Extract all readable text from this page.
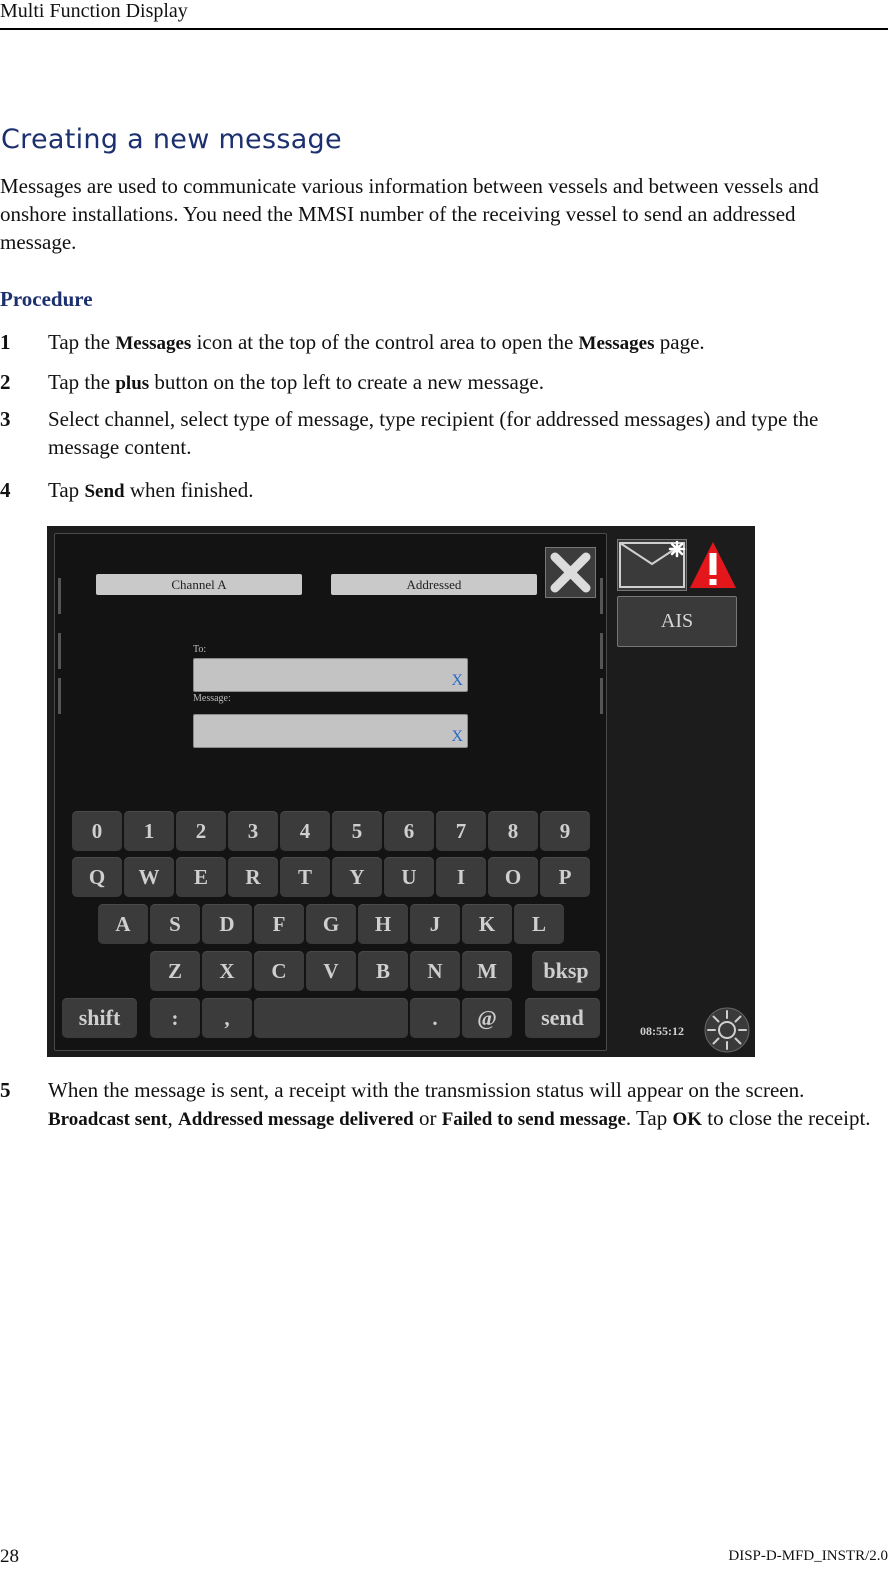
Multi Function Display
Creating a new message

Messages are used to communicate various information between vessels and between vessels and onshore installations. You need the MMSI number of the receiving vessel to send an addressed message.

Procedure
1 Tap the Messages icon at the top of the control area to open the Messages page.
2 Tap the plus button on the top left to create a new message.
3 Select channel, select type of message, type recipient (for addressed messages) and type the message content.
4 Tap Send when finished.
Channel A	Addressed
To:
X
Message:
X
0	1	2	3	4	5	6	7	8	9
Q	W	E	R	T	Y	U	I	O	P
A	S	D	F	G	H	J	K	L
Z	X	C	V	B	N	M	bksp
shift	:	,	.	@	send
AIS
08:55:12
5 When the message is sent, a receipt with the transmission status will appear on the screen. Broadcast sent, Addressed message delivered or Failed to send message. Tap OK to close the receipt.
28	DISP-D-MFD_INSTR/2.0
